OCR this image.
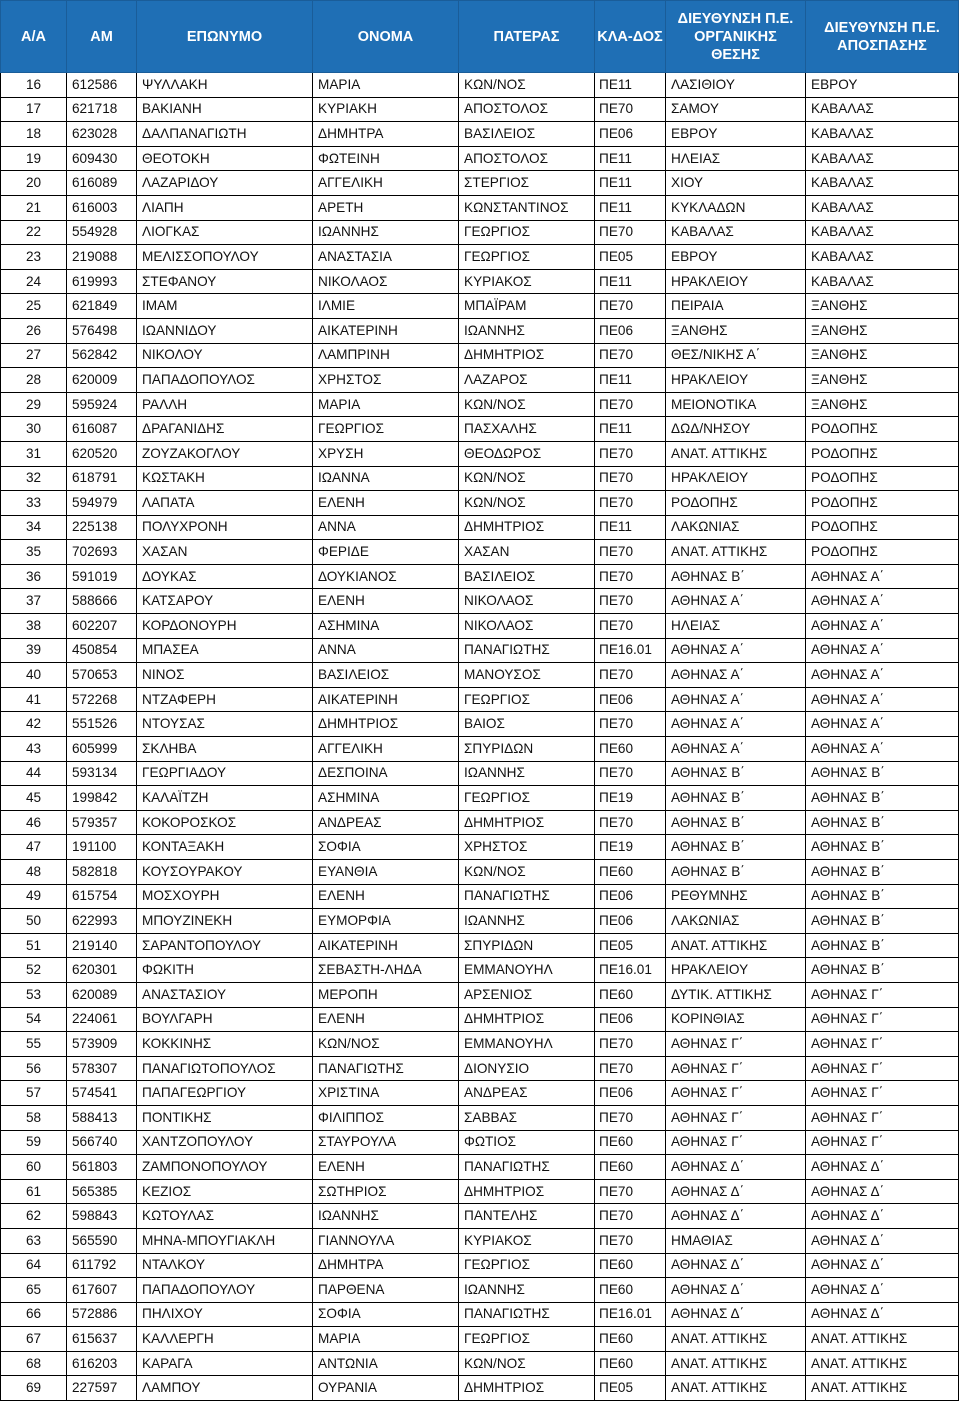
Α/Α	ΑΜ	ΕΠΩΝΥΜΟ	ΟΝΟΜΑ	ΠΑΤΕΡΑΣ	ΚΛΑ-ΔΟΣ	ΔΙΕΥΘΥΝΣΗ Π.Ε. ΟΡΓΑΝΙΚΗΣ ΘΕΣΗΣ	ΔΙΕΥΘΥΝΣΗ Π.Ε. ΑΠΟΣΠΑΣΗΣ
16	612586	ΨΥΛΛΑΚΗ	ΜΑΡΙΑ	ΚΩΝ/ΝΟΣ	ΠΕ11	ΛΑΣΙΘΙΟΥ	ΕΒΡΟΥ
17	621718	ΒΑΚΙΑΝΗ	ΚΥΡΙΑΚΗ	ΑΠΟΣΤΟΛΟΣ	ΠΕ70	ΣΑΜΟΥ	ΚΑΒΑΛΑΣ
18	623028	ΔΑΛΠΑΝΑΓΙΩΤΗ	ΔΗΜΗΤΡΑ	ΒΑΣΙΛΕΙΟΣ	ΠΕ06	ΕΒΡΟΥ	ΚΑΒΑΛΑΣ
19	609430	ΘΕΟΤΟΚΗ	ΦΩΤΕΙΝΗ	ΑΠΟΣΤΟΛΟΣ	ΠΕ11	ΗΛΕΙΑΣ	ΚΑΒΑΛΑΣ
20	616089	ΛΑΖΑΡΙΔΟΥ	ΑΓΓΕΛΙΚΗ	ΣΤΕΡΓΙΟΣ	ΠΕ11	ΧΙΟΥ	ΚΑΒΑΛΑΣ
21	616003	ΛΙΑΠΗ	ΑΡΕΤΗ	ΚΩΝΣΤΑΝΤΙΝΟΣ	ΠΕ11	ΚΥΚΛΑΔΩΝ	ΚΑΒΑΛΑΣ
22	554928	ΛΙΟΓΚΑΣ	ΙΩΑΝΝΗΣ	ΓΕΩΡΓΙΟΣ	ΠΕ70	ΚΑΒΑΛΑΣ	ΚΑΒΑΛΑΣ
23	219088	ΜΕΛΙΣΣΟΠΟΥΛΟΥ	ΑΝΑΣΤΑΣΙΑ	ΓΕΩΡΓΙΟΣ	ΠΕ05	ΕΒΡΟΥ	ΚΑΒΑΛΑΣ
24	619993	ΣΤΕΦΑΝΟΥ	ΝΙΚΟΛΑΟΣ	ΚΥΡΙΑΚΟΣ	ΠΕ11	ΗΡΑΚΛΕΙΟΥ	ΚΑΒΑΛΑΣ
25	621849	ΙΜΑΜ	ΙΛΜΙΕ	ΜΠΑΪΡΑΜ	ΠΕ70	ΠΕΙΡΑΙΑ	ΞΑΝΘΗΣ
26	576498	ΙΩΑΝΝΙΔΟΥ	ΑΙΚΑΤΕΡΙΝΗ	ΙΩΑΝΝΗΣ	ΠΕ06	ΞΑΝΘΗΣ	ΞΑΝΘΗΣ
27	562842	ΝΙΚΟΛΟΥ	ΛΑΜΠΡΙΝΗ	ΔΗΜΗΤΡΙΟΣ	ΠΕ70	ΘΕΣ/ΝΙΚΗΣ Α΄	ΞΑΝΘΗΣ
28	620009	ΠΑΠΑΔΟΠΟΥΛΟΣ	ΧΡΗΣΤΟΣ	ΛΑΖΑΡΟΣ	ΠΕ11	ΗΡΑΚΛΕΙΟΥ	ΞΑΝΘΗΣ
29	595924	ΡΑΛΛΗ	ΜΑΡΙΑ	ΚΩΝ/ΝΟΣ	ΠΕ70	ΜΕΙΟΝΟΤΙΚΑ	ΞΑΝΘΗΣ
30	616087	ΔΡΑΓΑΝΙΔΗΣ	ΓΕΩΡΓΙΟΣ	ΠΑΣΧΑΛΗΣ	ΠΕ11	ΔΩΔ/ΝΗΣΟΥ	ΡΟΔΟΠΗΣ
31	620520	ΖΟΥΖΑΚΟΓΛΟΥ	ΧΡΥΣΗ	ΘΕΟΔΩΡΟΣ	ΠΕ70	ΑΝΑΤ. ΑΤΤΙΚΗΣ	ΡΟΔΟΠΗΣ
32	618791	ΚΩΣΤΑΚΗ	ΙΩΑΝΝΑ	ΚΩΝ/ΝΟΣ	ΠΕ70	ΗΡΑΚΛΕΙΟΥ	ΡΟΔΟΠΗΣ
33	594979	ΛΑΠΑΤΑ	ΕΛΕΝΗ	ΚΩΝ/ΝΟΣ	ΠΕ70	ΡΟΔΟΠΗΣ	ΡΟΔΟΠΗΣ
34	225138	ΠΟΛΥΧΡΟΝΗ	ΑΝΝΑ	ΔΗΜΗΤΡΙΟΣ	ΠΕ11	ΛΑΚΩΝΙΑΣ	ΡΟΔΟΠΗΣ
35	702693	ΧΑΣΑΝ	ΦΕΡΙΔΕ	ΧΑΣΑΝ	ΠΕ70	ΑΝΑΤ. ΑΤΤΙΚΗΣ	ΡΟΔΟΠΗΣ
36	591019	ΔΟΥΚΑΣ	ΔΟΥΚΙΑΝΟΣ	ΒΑΣΙΛΕΙΟΣ	ΠΕ70	ΑΘΗΝΑΣ Β΄	ΑΘΗΝΑΣ Α΄
37	588666	ΚΑΤΣΑΡΟΥ	ΕΛΕΝΗ	ΝΙΚΟΛΑΟΣ	ΠΕ70	ΑΘΗΝΑΣ Α΄	ΑΘΗΝΑΣ Α΄
38	602207	ΚΟΡΔΟΝΟΥΡΗ	ΑΣΗΜΙΝΑ	ΝΙΚΟΛΑΟΣ	ΠΕ70	ΗΛΕΙΑΣ	ΑΘΗΝΑΣ Α΄
39	450854	ΜΠΑΣΕΑ	ΑΝΝΑ	ΠΑΝΑΓΙΩΤΗΣ	ΠΕ16.01	ΑΘΗΝΑΣ Α΄	ΑΘΗΝΑΣ Α΄
40	570653	ΝΙΝΟΣ	ΒΑΣΙΛΕΙΟΣ	ΜΑΝΟΥΣΟΣ	ΠΕ70	ΑΘΗΝΑΣ Α΄	ΑΘΗΝΑΣ Α΄
41	572268	ΝΤΖΑΦΕΡΗ	ΑΙΚΑΤΕΡΙΝΗ	ΓΕΩΡΓΙΟΣ	ΠΕ06	ΑΘΗΝΑΣ Α΄	ΑΘΗΝΑΣ Α΄
42	551526	ΝΤΟΥΣΑΣ	ΔΗΜΗΤΡΙΟΣ	ΒΑΙΟΣ	ΠΕ70	ΑΘΗΝΑΣ Α΄	ΑΘΗΝΑΣ Α΄
43	605999	ΣΚΛΗΒΑ	ΑΓΓΕΛΙΚΗ	ΣΠΥΡΙΔΩΝ	ΠΕ60	ΑΘΗΝΑΣ Α΄	ΑΘΗΝΑΣ Α΄
44	593134	ΓΕΩΡΓΙΑΔΟΥ	ΔΕΣΠΟΙΝΑ	ΙΩΑΝΝΗΣ	ΠΕ70	ΑΘΗΝΑΣ Β΄	ΑΘΗΝΑΣ Β΄
45	199842	ΚΑΛΑΪΤΖΗ	ΑΣΗΜΙΝΑ	ΓΕΩΡΓΙΟΣ	ΠΕ19	ΑΘΗΝΑΣ Β΄	ΑΘΗΝΑΣ Β΄
46	579357	ΚΟΚΟΡΟΣΚΟΣ	ΑΝΔΡΕΑΣ	ΔΗΜΗΤΡΙΟΣ	ΠΕ70	ΑΘΗΝΑΣ Β΄	ΑΘΗΝΑΣ Β΄
47	191100	ΚΟΝΤΑΞΑΚΗ	ΣΟΦΙΑ	ΧΡΗΣΤΟΣ	ΠΕ19	ΑΘΗΝΑΣ Β΄	ΑΘΗΝΑΣ Β΄
48	582818	ΚΟΥΣΟΥΡΑΚΟΥ	ΕΥΑΝΘΙΑ	ΚΩΝ/ΝΟΣ	ΠΕ60	ΑΘΗΝΑΣ Β΄	ΑΘΗΝΑΣ Β΄
49	615754	ΜΟΣΧΟΥΡΗ	ΕΛΕΝΗ	ΠΑΝΑΓΙΩΤΗΣ	ΠΕ06	ΡΕΘΥΜΝΗΣ	ΑΘΗΝΑΣ Β΄
50	622993	ΜΠΟΥΖΙΝΕΚΗ	ΕΥΜΟΡΦΙΑ	ΙΩΑΝΝΗΣ	ΠΕ06	ΛΑΚΩΝΙΑΣ	ΑΘΗΝΑΣ Β΄
51	219140	ΣΑΡΑΝΤΟΠΟΥΛΟΥ	ΑΙΚΑΤΕΡΙΝΗ	ΣΠΥΡΙΔΩΝ	ΠΕ05	ΑΝΑΤ. ΑΤΤΙΚΗΣ	ΑΘΗΝΑΣ Β΄
52	620301	ΦΩΚΙΤΗ	ΣΕΒΑΣΤΗ-ΛΗΔΑ	ΕΜΜΑΝΟΥΗΛ	ΠΕ16.01	ΗΡΑΚΛΕΙΟΥ	ΑΘΗΝΑΣ Β΄
53	620089	ΑΝΑΣΤΑΣΙΟΥ	ΜΕΡΟΠΗ	ΑΡΣΕΝΙΟΣ	ΠΕ60	ΔΥΤΙΚ. ΑΤΤΙΚΗΣ	ΑΘΗΝΑΣ Γ΄
54	224061	ΒΟΥΛΓΑΡΗ	ΕΛΕΝΗ	ΔΗΜΗΤΡΙΟΣ	ΠΕ06	ΚΟΡΙΝΘΙΑΣ	ΑΘΗΝΑΣ Γ΄
55	573909	ΚΟΚΚΙΝΗΣ	ΚΩΝ/ΝΟΣ	ΕΜΜΑΝΟΥΗΛ	ΠΕ70	ΑΘΗΝΑΣ Γ΄	ΑΘΗΝΑΣ Γ΄
56	578307	ΠΑΝΑΓΙΩΤΟΠΟΥΛΟΣ	ΠΑΝΑΓΙΩΤΗΣ	ΔΙΟΝΥΣΙΟ	ΠΕ70	ΑΘΗΝΑΣ Γ΄	ΑΘΗΝΑΣ Γ΄
57	574541	ΠΑΠΑΓΕΩΡΓΙΟΥ	ΧΡΙΣΤΙΝΑ	ΑΝΔΡΕΑΣ	ΠΕ06	ΑΘΗΝΑΣ Γ΄	ΑΘΗΝΑΣ Γ΄
58	588413	ΠΟΝΤΙΚΗΣ	ΦΙΛΙΠΠΟΣ	ΣΑΒΒΑΣ	ΠΕ70	ΑΘΗΝΑΣ Γ΄	ΑΘΗΝΑΣ Γ΄
59	566740	ΧΑΝΤΖΟΠΟΥΛΟΥ	ΣΤΑΥΡΟΥΛΑ	ΦΩΤΙΟΣ	ΠΕ60	ΑΘΗΝΑΣ Γ΄	ΑΘΗΝΑΣ Γ΄
60	561803	ΖΑΜΠΟΝΟΠΟΥΛΟΥ	ΕΛΕΝΗ	ΠΑΝΑΓΙΩΤΗΣ	ΠΕ60	ΑΘΗΝΑΣ Δ΄	ΑΘΗΝΑΣ Δ΄
61	565385	ΚΕΖΙΟΣ	ΣΩΤΗΡΙΟΣ	ΔΗΜΗΤΡΙΟΣ	ΠΕ70	ΑΘΗΝΑΣ Δ΄	ΑΘΗΝΑΣ Δ΄
62	598843	ΚΩΤΟΥΛΑΣ	ΙΩΑΝΝΗΣ	ΠΑΝΤΕΛΗΣ	ΠΕ70	ΑΘΗΝΑΣ Δ΄	ΑΘΗΝΑΣ Δ΄
63	565590	ΜΗΝΑ-ΜΠΟΥΓΙΑΚΛΗ	ΓΙΑΝΝΟΥΛΑ	ΚΥΡΙΑΚΟΣ	ΠΕ70	ΗΜΑΘΙΑΣ	ΑΘΗΝΑΣ Δ΄
64	611792	ΝΤΑΛΚΟΥ	ΔΗΜΗΤΡΑ	ΓΕΩΡΓΙΟΣ	ΠΕ60	ΑΘΗΝΑΣ Δ΄	ΑΘΗΝΑΣ Δ΄
65	617607	ΠΑΠΑΔΟΠΟΥΛΟΥ	ΠΑΡΘΕΝΑ	ΙΩΑΝΝΗΣ	ΠΕ60	ΑΘΗΝΑΣ Δ΄	ΑΘΗΝΑΣ Δ΄
66	572886	ΠΗΛΙΧΟΥ	ΣΟΦΙΑ	ΠΑΝΑΓΙΩΤΗΣ	ΠΕ16.01	ΑΘΗΝΑΣ Δ΄	ΑΘΗΝΑΣ Δ΄
67	615637	ΚΑΛΛΕΡΓΗ	ΜΑΡΙΑ	ΓΕΩΡΓΙΟΣ	ΠΕ60	ΑΝΑΤ. ΑΤΤΙΚΗΣ	ΑΝΑΤ. ΑΤΤΙΚΗΣ
68	616203	ΚΑΡΑΓΑ	ΑΝΤΩΝΙΑ	ΚΩΝ/ΝΟΣ	ΠΕ60	ΑΝΑΤ. ΑΤΤΙΚΗΣ	ΑΝΑΤ. ΑΤΤΙΚΗΣ
69	227597	ΛΑΜΠΟΥ	ΟΥΡΑΝΙΑ	ΔΗΜΗΤΡΙΟΣ	ΠΕ05	ΑΝΑΤ. ΑΤΤΙΚΗΣ	ΑΝΑΤ. ΑΤΤΙΚΗΣ
